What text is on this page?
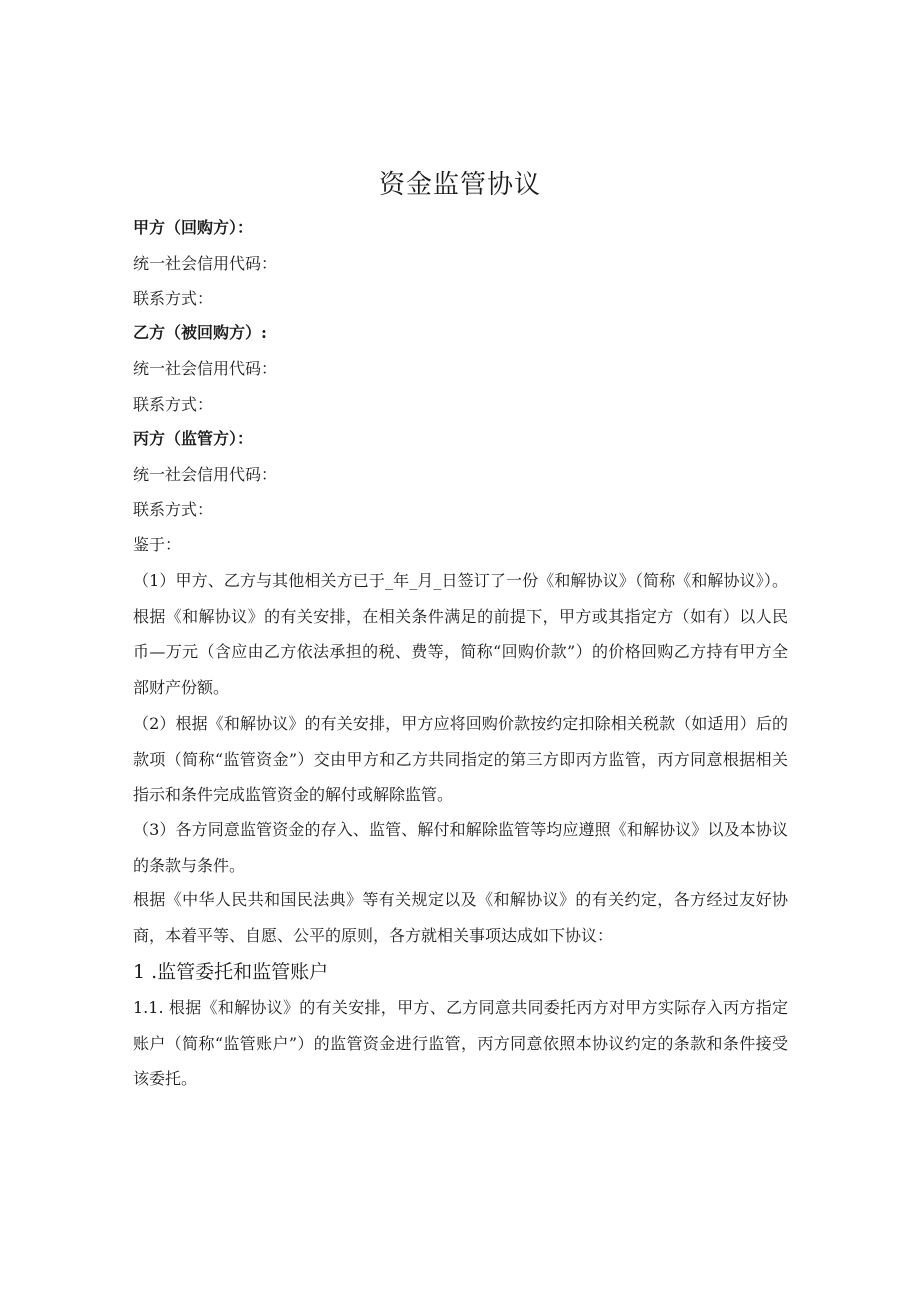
资金监管协议
甲方（回购方）：
统一社会信用代码：
联系方式：
乙方（被回购方）:
统一社会信用代码：
联系方式：
丙方（监管方）：
统一社会信用代码：
联系方式：
鉴于：
（1）甲方、乙方与其他相关方已于_年_月_日签订了一份《和解协议》（简称《和解协议》）。根据《和解协议》的有关安排，在相关条件满足的前提下，甲方或其指定方（如有）以人民币—万元（含应由乙方依法承担的税、费等，简称“回购价款”）的价格回购乙方持有甲方全部财产份额。
（2）根据《和解协议》的有关安排，甲方应将回购价款按约定扣除相关税款（如适用）后的款项（简称“监管资金”）交由甲方和乙方共同指定的第三方即丙方监管，丙方同意根据相关指示和条件完成监管资金的解付或解除监管。
（3）各方同意监管资金的存入、监管、解付和解除监管等均应遵照《和解协议》以及本协议的条款与条件。
根据《中华人民共和国民法典》等有关规定以及《和解协议》的有关约定，各方经过友好协商，本着平等、自愿、公平的原则，各方就相关事项达成如下协议：
1 .监管委托和监管账户
1.1. 根据《和解协议》的有关安排，甲方、乙方同意共同委托丙方对甲方实际存入丙方指定账户（简称“监管账户”）的监管资金进行监管，丙方同意依照本协议约定的条款和条件接受该委托。
